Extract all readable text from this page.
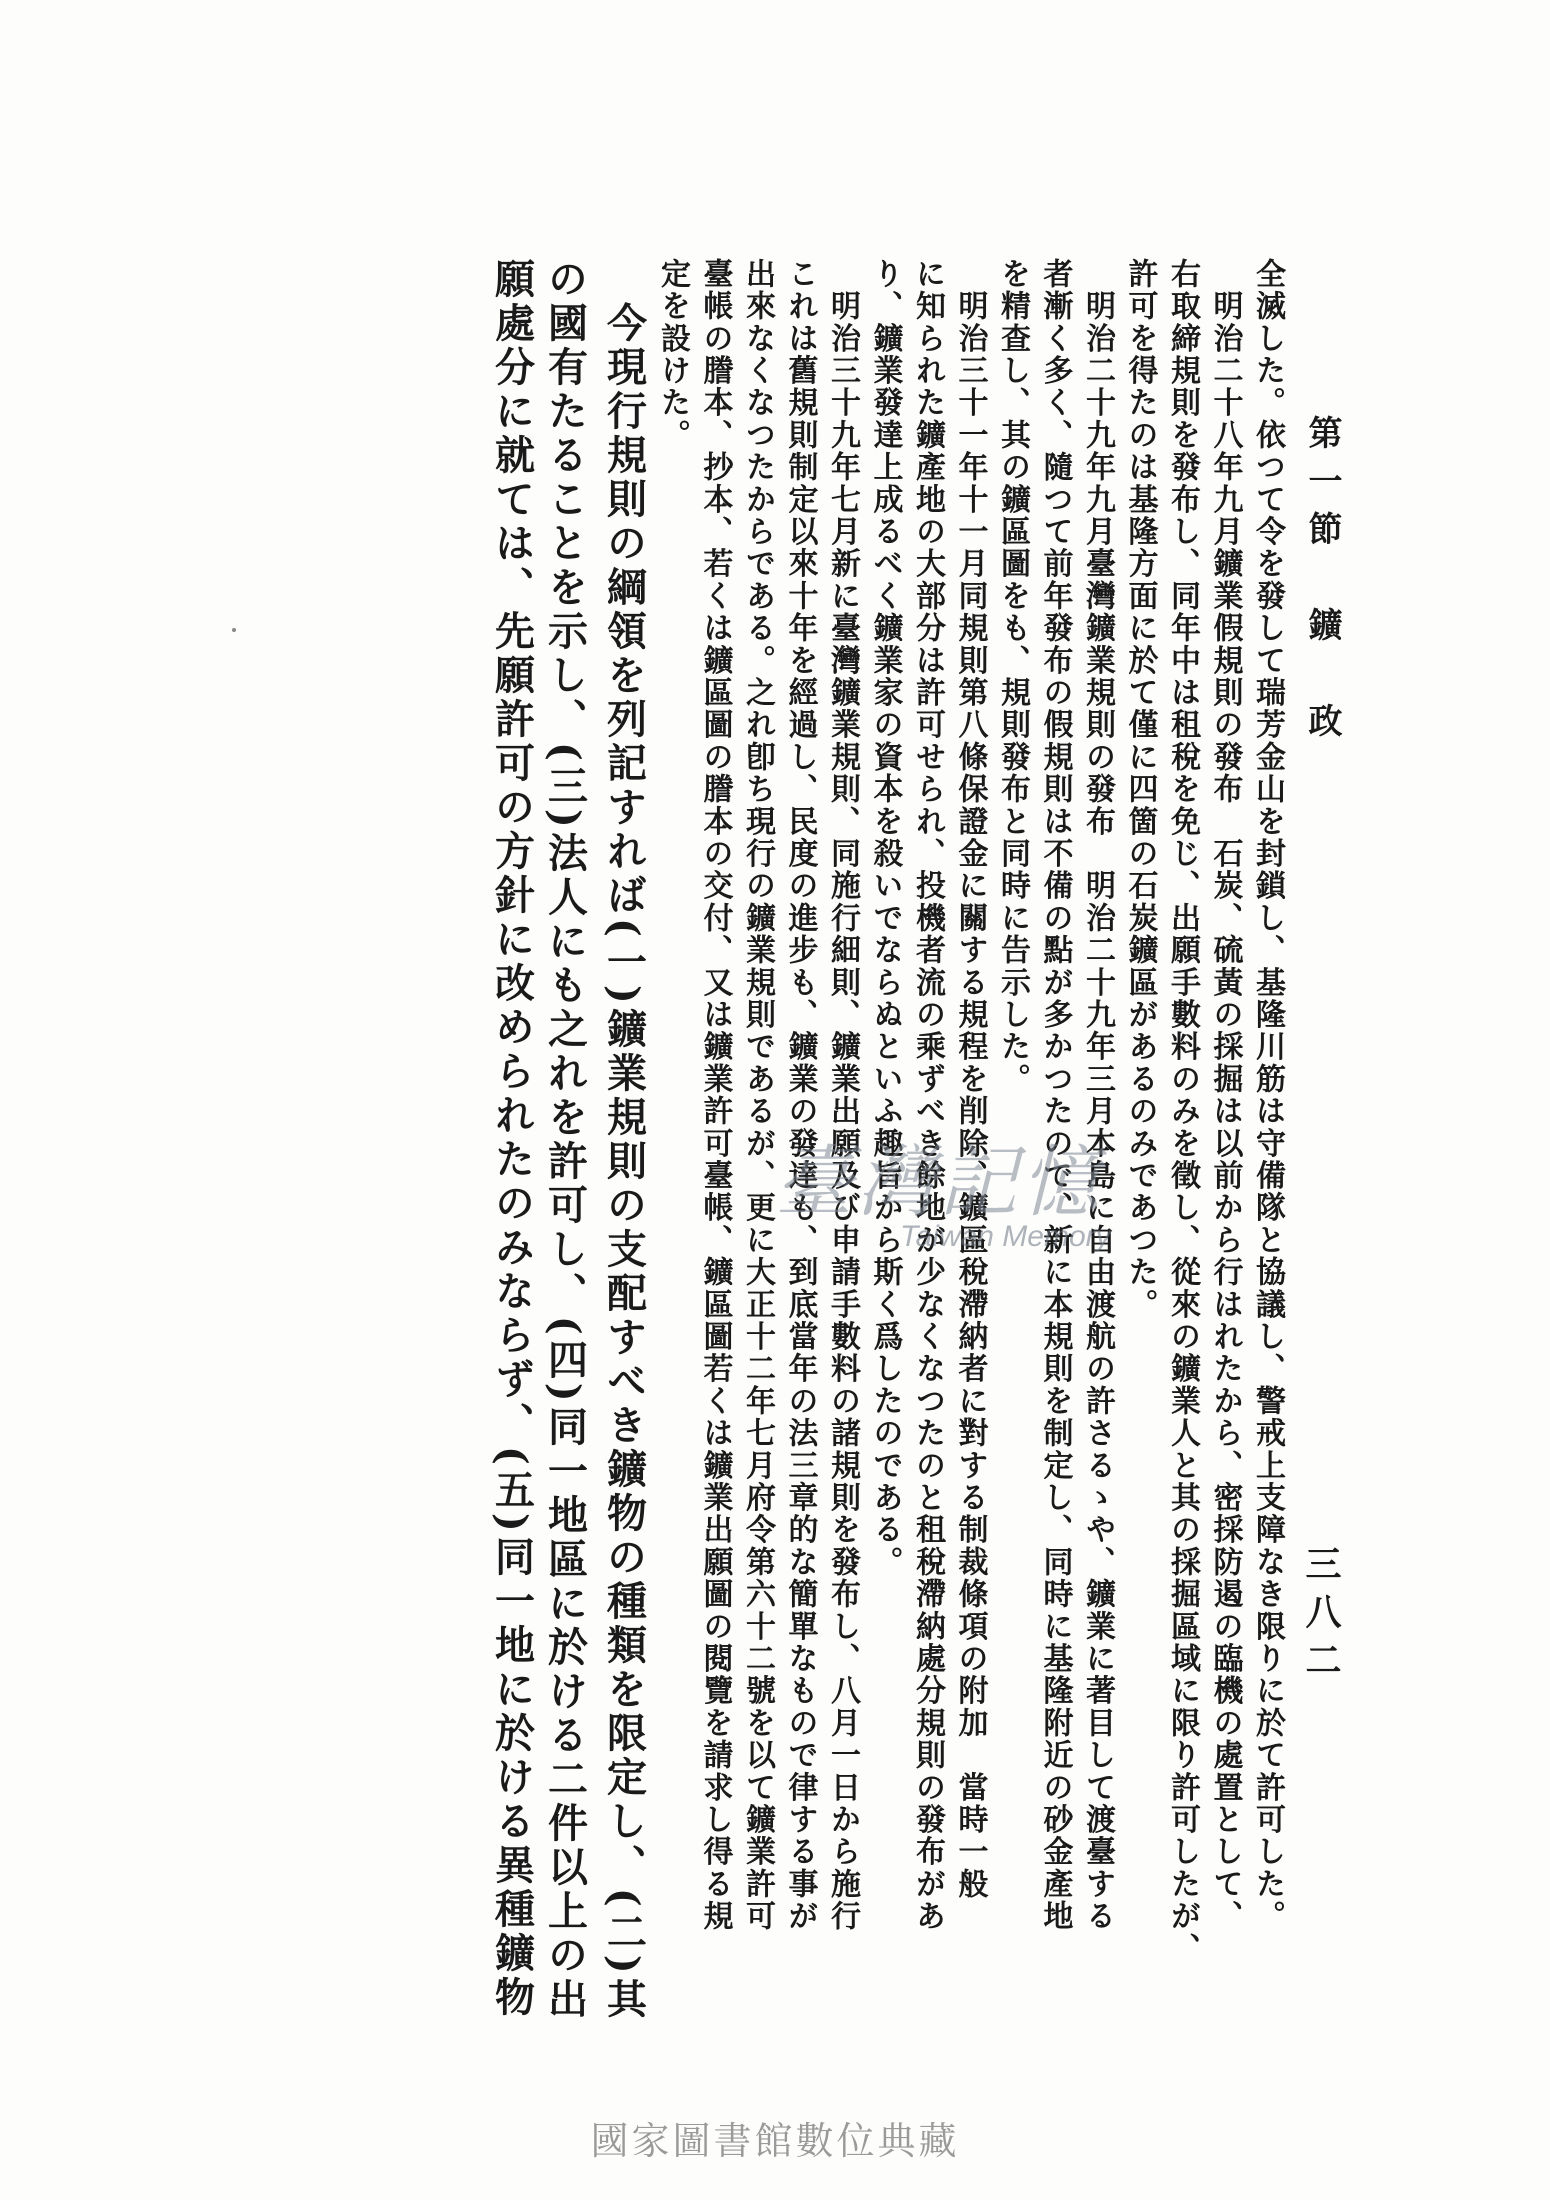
第一節　鑛　政
三八二

全滅した。依つて令を發して瑞芳金山を封鎖し、基隆川筋は守備隊と協議し、警戒上支障なき限りに於て許可した。

　明治二十八年九月鑛業假規則の發布　石炭、硫黃の採掘は以前から行はれたから、密採防遏の臨機の處置として、

右取締規則を發布し、同年中は租稅を免じ、出願手數料のみを徵し、從來の鑛業人と其の採掘區域に限り許可したが、

許可を得たのは基隆方面に於て僅に四箇の石炭鑛區があるのみであつた。

　明治二十九年九月臺灣鑛業規則の發布　明治二十九年三月本島に自由渡航の許さるゝや、鑛業に著目して渡臺する

者漸く多く、隨つて前年發布の假規則は不備の點が多かつたので、新に本規則を制定し、同時に基隆附近の砂金產地

を精查し、其の鑛區圖をも、規則發布と同時に告示した。

　明治三十一年十一月同規則第八條保證金に關する規程を削除、鑛區稅滯納者に對する制裁條項の附加　當時一般

に知られた鑛產地の大部分は許可せられ、投機者流の乘ずべき餘地が少なくなつたのと租稅滯納處分規則の發布があ

り、鑛業發達上成るべく鑛業家の資本を殺いでならぬといふ趣旨から斯く爲したのである。

　明治三十九年七月新に臺灣鑛業規則、同施行細則、鑛業出願及び申請手數料の諸規則を發布し、八月一日から施行

これは舊規則制定以來十年を經過し、民度の進步も、鑛業の發達も、到底當年の法三章的な簡單なもので律する事が

出來なくなつたからである。之れ卽ち現行の鑛業規則であるが、更に大正十二年七月府令第六十二號を以て鑛業許可

臺帳の謄本、抄本、若くは鑛區圖の謄本の交付、又は鑛業許可臺帳、鑛區圖若くは鑛業出願圖の閱覽を請求し得る規

定を設けた。

　今現行規則の綱領を列記すれば(一)鑛業規則の支配すべき鑛物の種類を限定し、(二)其

の國有たることを示し、(三)法人にも之れを許可し、(四)同一地區に於ける二件以上の出

願處分に就ては、先願許可の方針に改められたのみならず、(五)同一地に於ける異種鑛物	臺灣記憶
Taiwan Memory
國家圖書館數位典藏
